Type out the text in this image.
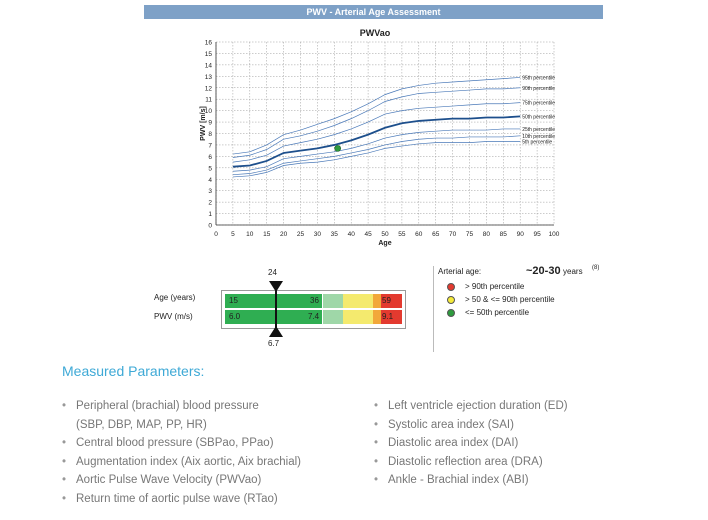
PWV - Arterial Age Assessment
PWVao
PWV [m/s]
0 5 10 15 20 25 30 35 40 45 50 55 60 65 70 75 80 85 90 95 100
0
1
2
3
4
5
6
7
8
9
10
11
12
13
14
15
16
Age
95th percentile
90th percentile
75th percentile
50th percentile
25th percentile
10th percentile
5th percentile
Age (years)
PWV (m/s)
15	36	59
6.0	7.4	9.1
24
6.7
Arterial age:	~20-30 years (8)
> 90th percentile
> 50 & <= 90th percentile
<= 50th percentile
Measured Parameters:
• Peripheral (brachial) blood pressure
(SBP, DBP, MAP, PP, HR)
• Central blood pressure (SBPao, PPao)
• Augmentation index (Aix aortic, Aix brachial)
• Aortic Pulse Wave Velocity (PWVao)
• Return time of aortic pulse wave (RTao)
• Left ventricle ejection duration (ED)
• Systolic area index (SAI)
• Diastolic area index (DAI)
• Diastolic reflection area (DRA)
• Ankle - Brachial index (ABI)
